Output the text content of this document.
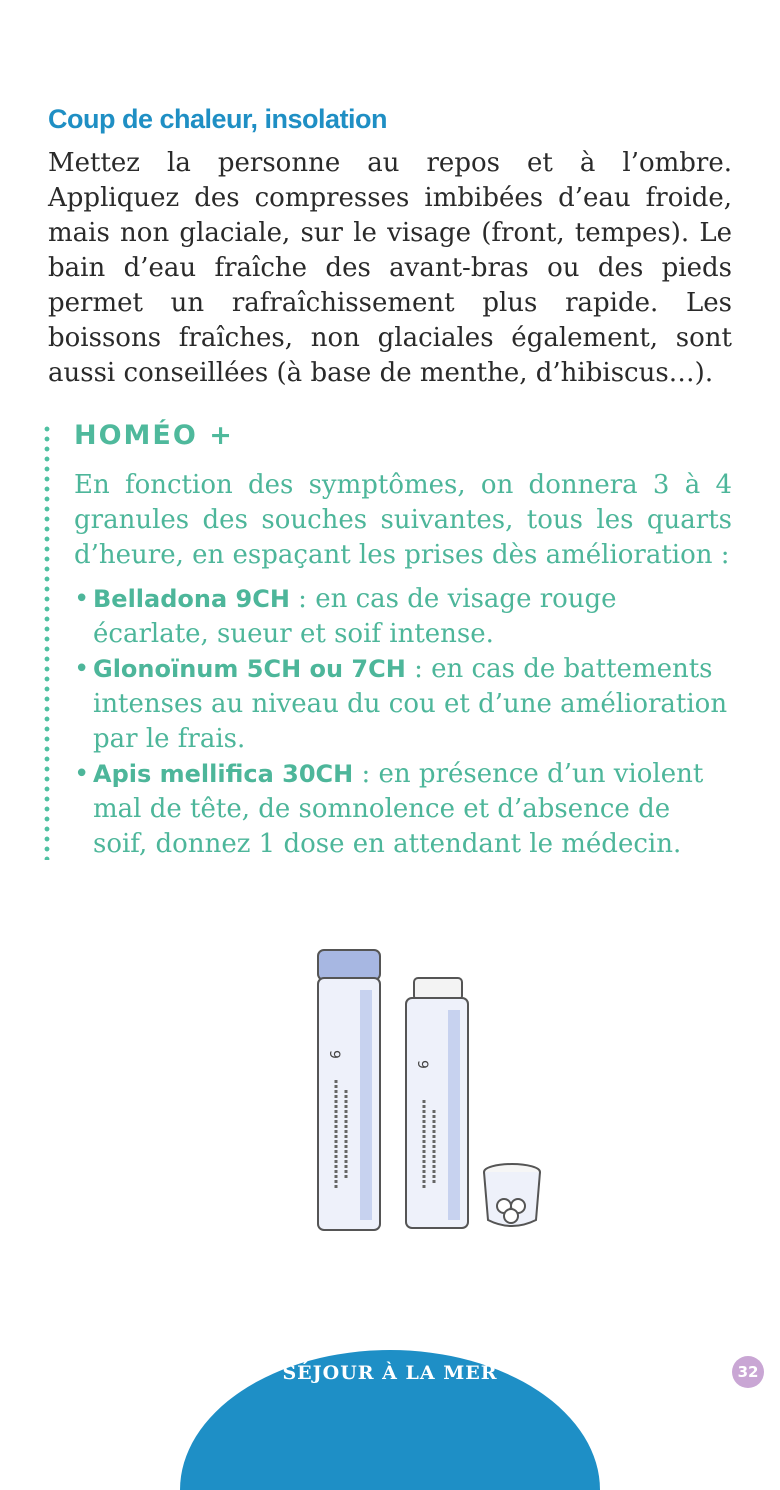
Coup de chaleur, insolation

Mettez la personne au repos et à l’ombre. Appliquez des compresses imbibées d’eau froide, mais non glaciale, sur le visage (front, tempes). Le bain d’eau fraîche des avant-bras ou des pieds permet un rafraîchissement plus rapide. Les boissons fraîches, non glaciales également, sont aussi conseillées (à base de menthe, d’hibiscus…).

HOMÉO +

En fonction des symptômes, on donnera 3 à 4 granules des souches suivantes, tous les quarts d’heure, en espaçant les prises dès amélioration :

• Belladona 9CH : en cas de visage rouge écarlate, sueur et soif intense.
• Glonoïnum 5CH ou 7CH : en cas de battements intenses au niveau du cou et d’une amélioration par le frais.
• Apis mellifica 30CH : en présence d’un violent mal de tête, de somnolence et d’absence de soif, donnez 1 dose en attendant le médecin.
9
9
SÉJOUR À LA MER	32
